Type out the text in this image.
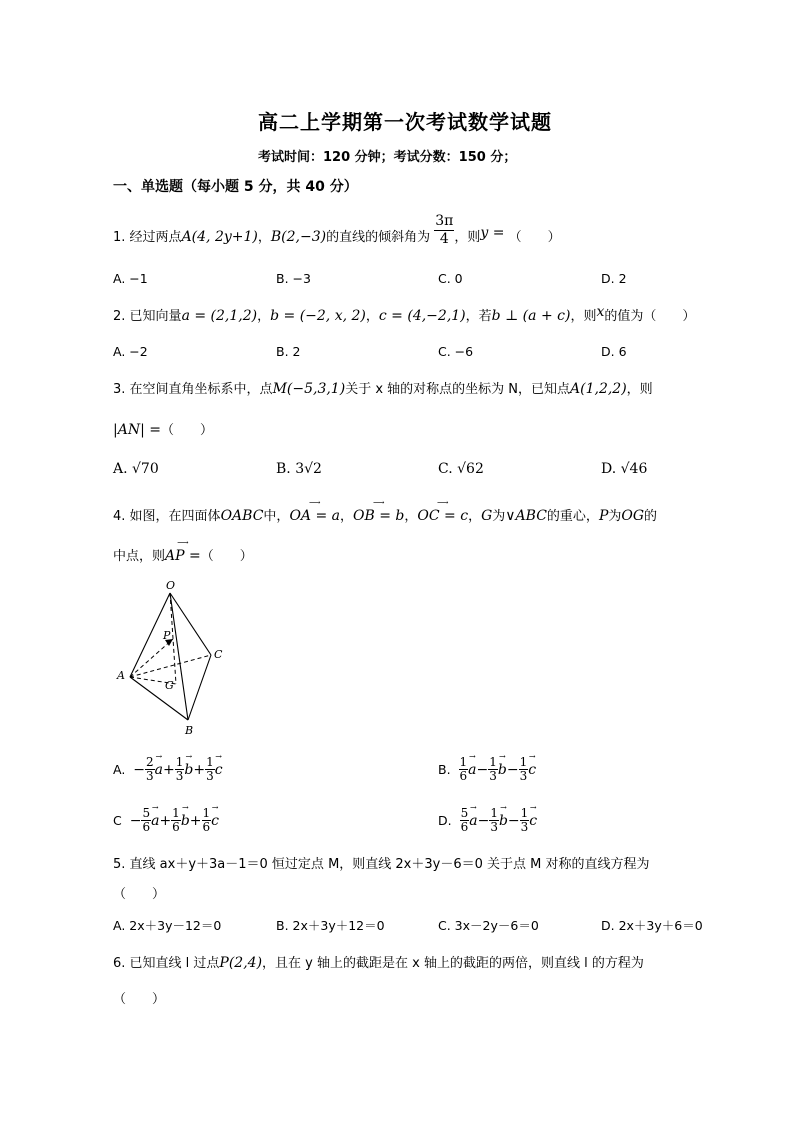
高二上学期第一次考试数学试题
考试时间：120 分钟；考试分数：150 分；
一、单选题（每小题 5 分，共 40 分）
1. 经过两点A(4, 2y+1)，B(2,−3)的直线的倾斜角为 $\frac{3\pi}{4}$ ，则y = （　　）
A. −1	B. −3	C. 0	D. 2
2. 已知向量a = (2,1,2)，b = (−2, x, 2)，c = (4,−2,1)，若b ⊥ (a + c)，则x的值为（　　）
A. −2	B. 2	C. −6	D. 6
3. 在空间直角坐标系中，点M(−5,3,1)关于 x 轴的对称点的坐标为 N，已知点A(1,2,2)，则
|AN| =（　　）
A. √70	B. 3√2	C. √62	D. √46
4. 如图，在四面体OABC中，
⟶
OA = a，
⟶
OB = b，
⟶
OC = c，G为∨ABC的重心，P为OG的
中点，则
⟶
AP =（　　）
O
P
C
A
G
B
A. − $\frac{2}{3}$ →
$a+ \frac{1}{3}$ →
$b+ \frac{1}{3}$ →
c	B. $\frac{1}{6}$ →
$a- \frac{1}{3}$ →
$b- \frac{1}{3}$ →
c
$C - \frac{5}{6}$ →
$a+ \frac{1}{6}$ →
$b+ \frac{1}{6}$ →
c	D. $\frac{5}{6}$ →
$a- \frac{1}{3}$ →
$b- \frac{1}{3}$ →
c
5. 直线 ax＋y＋3a－1＝0 恒过定点 M，则直线 2x＋3y－6＝0 关于点 M 对称的直线方程为
（　　）
A. 2x＋3y－12＝0	B. 2x＋3y＋12＝0	C. 3x－2y－6＝0	D. 2x＋3y＋6＝0
6. 已知直线 l 过点P(2,4)，且在 y 轴上的截距是在 x 轴上的截距的两倍，则直线 l 的方程为
（　　）
